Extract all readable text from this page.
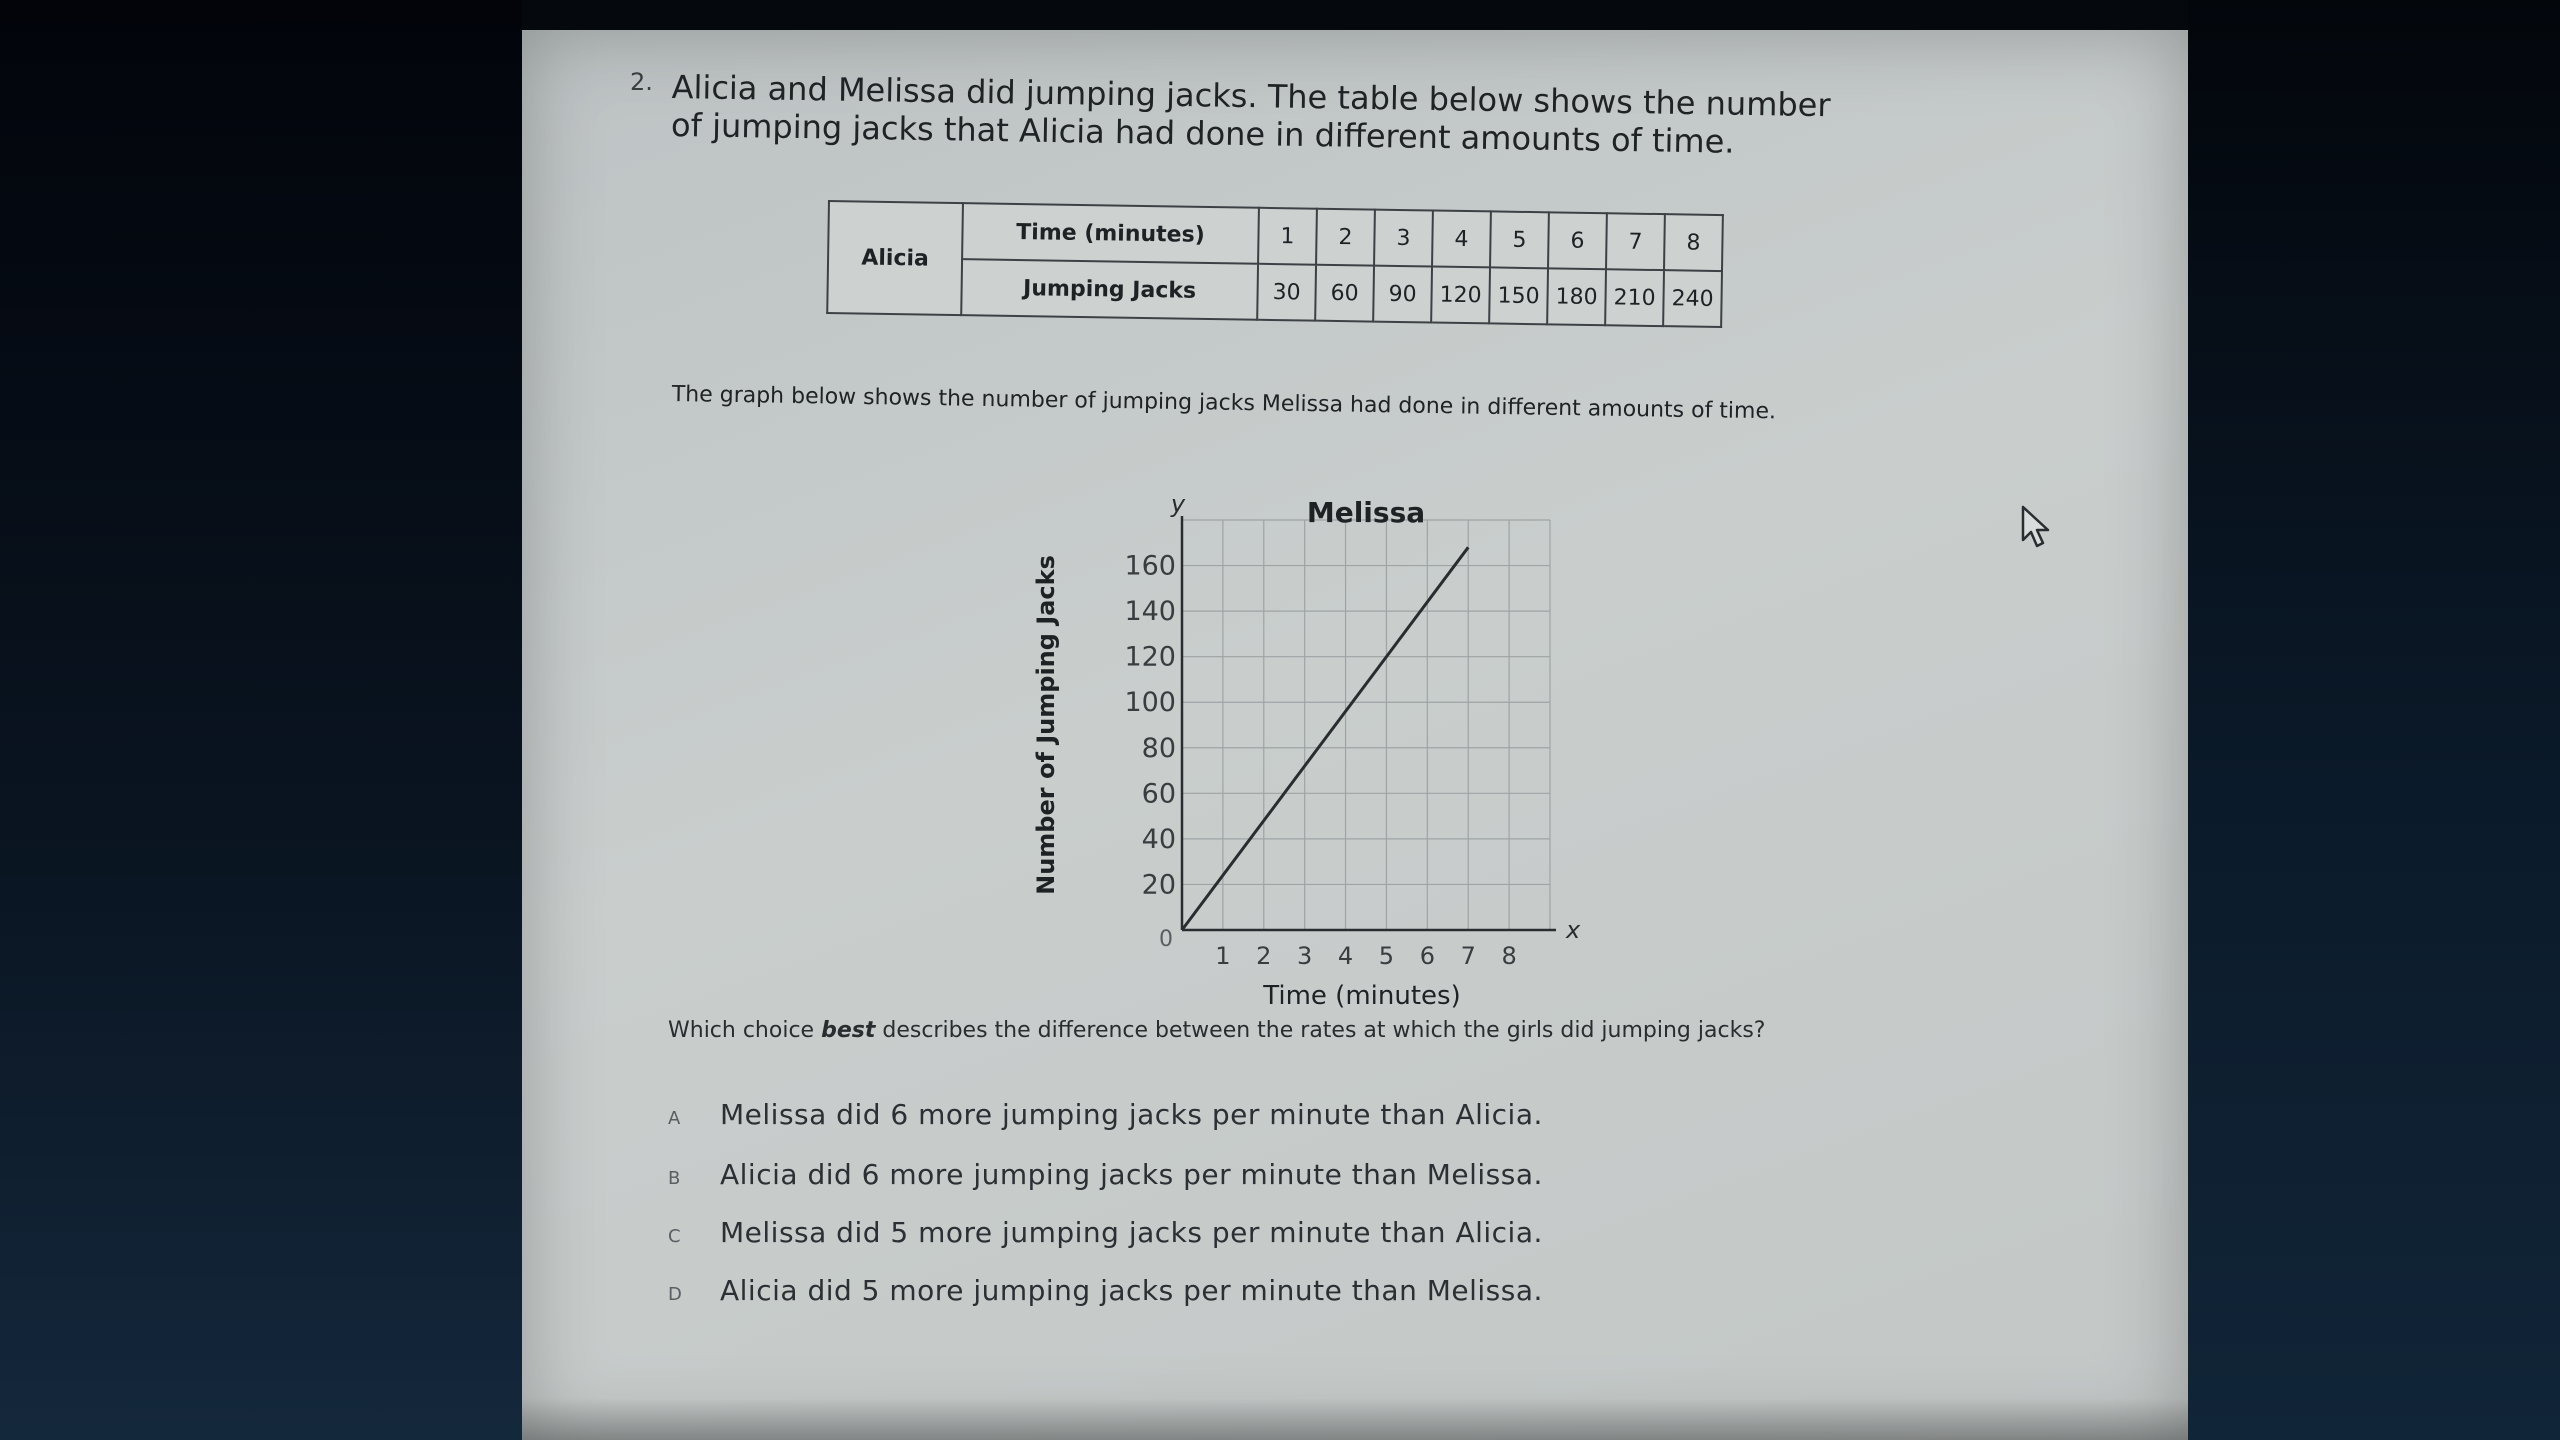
2. Alicia and Melissa did jumping jacks. The table below shows the number of jumping jacks that Alicia had done in different amounts of time.
Alicia	Time (minutes)	1	2	3	4	5	6	7	8
	Jumping Jacks	30	60	90	120	150	180	210	240
The graph below shows the number of jumping jacks Melissa had done in different amounts of time.
Melissa
y
x
0
20
40
60
80
100
120
140
160
1 2 3 4 5 6 7 8
Time (minutes)
Number of Jumping Jacks
Which choice best describes the difference between the rates at which the girls did jumping jacks?
A Melissa did 6 more jumping jacks per minute than Alicia.
B Alicia did 6 more jumping jacks per minute than Melissa.
C Melissa did 5 more jumping jacks per minute than Alicia.
D Alicia did 5 more jumping jacks per minute than Melissa.
